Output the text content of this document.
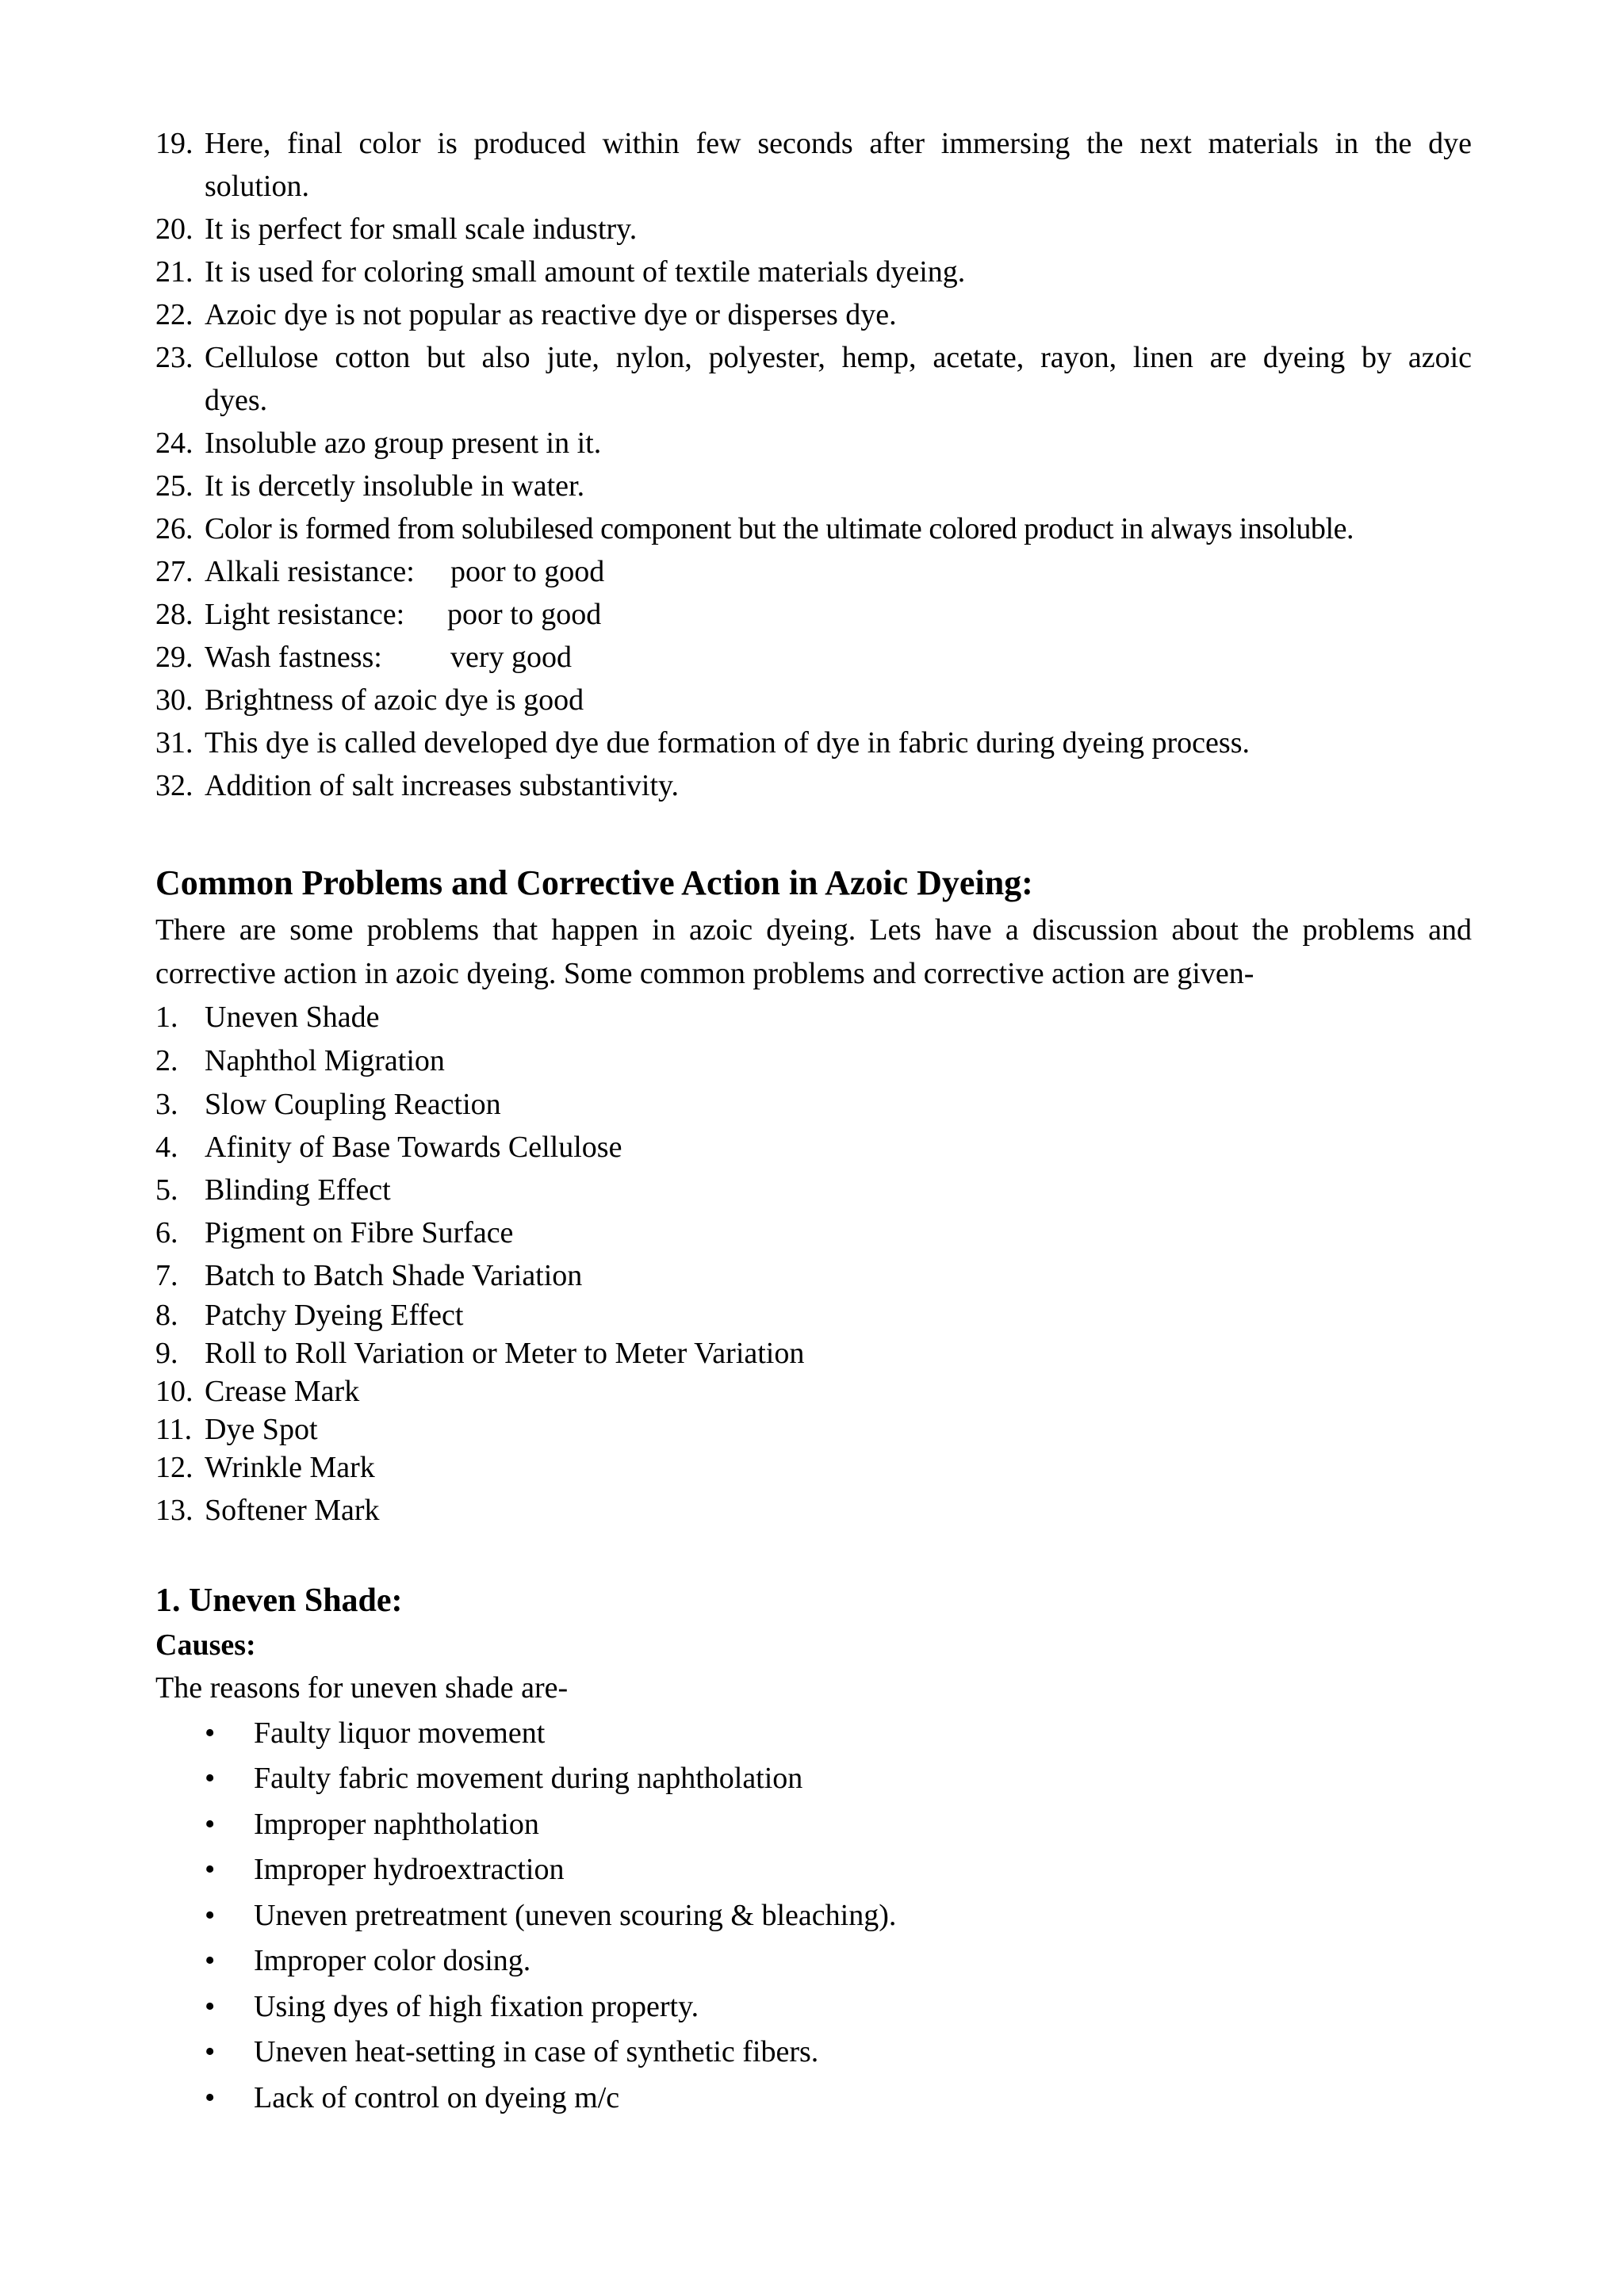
19. Here, final color is produced within few seconds after immersing the next materials in the dye
solution.
20. It is perfect for small scale industry.
21. It is used for coloring small amount of textile materials dyeing.
22. Azoic dye is not popular as reactive dye or disperses dye.
23. Cellulose cotton but also jute, nylon, polyester, hemp, acetate, rayon, linen are dyeing by azoic
dyes.
24. Insoluble azo group present in it.
25. It is dercetly insoluble in water.
26. Color is formed from solubilesed component but the ultimate colored product in always insoluble.
27. Alkali resistance: poor to good
28. Light resistance: poor to good
29. Wash fastness: very good
30. Brightness of azoic dye is good
31. This dye is called developed dye due formation of dye in fabric during dyeing process.
32. Addition of salt increases substantivity.
Common Problems and Corrective Action in Azoic Dyeing:
There are some problems that happen in azoic dyeing. Lets have a discussion about the problems and
corrective action in azoic dyeing. Some common problems and corrective action are given-
1. Uneven Shade
2. Naphthol Migration
3. Slow Coupling Reaction
4. Afinity of Base Towards Cellulose
5. Blinding Effect
6. Pigment on Fibre Surface
7. Batch to Batch Shade Variation
8. Patchy Dyeing Effect
9. Roll to Roll Variation or Meter to Meter Variation
10. Crease Mark
11. Dye Spot
12. Wrinkle Mark
13. Softener Mark
1. Uneven Shade:
Causes:
The reasons for uneven shade are-
• Faulty liquor movement
• Faulty fabric movement during naphtholation
• Improper naphtholation
• Improper hydroextraction
• Uneven pretreatment (uneven scouring & bleaching).
• Improper color dosing.
• Using dyes of high fixation property.
• Uneven heat-setting in case of synthetic fibers.
• Lack of control on dyeing m/c
